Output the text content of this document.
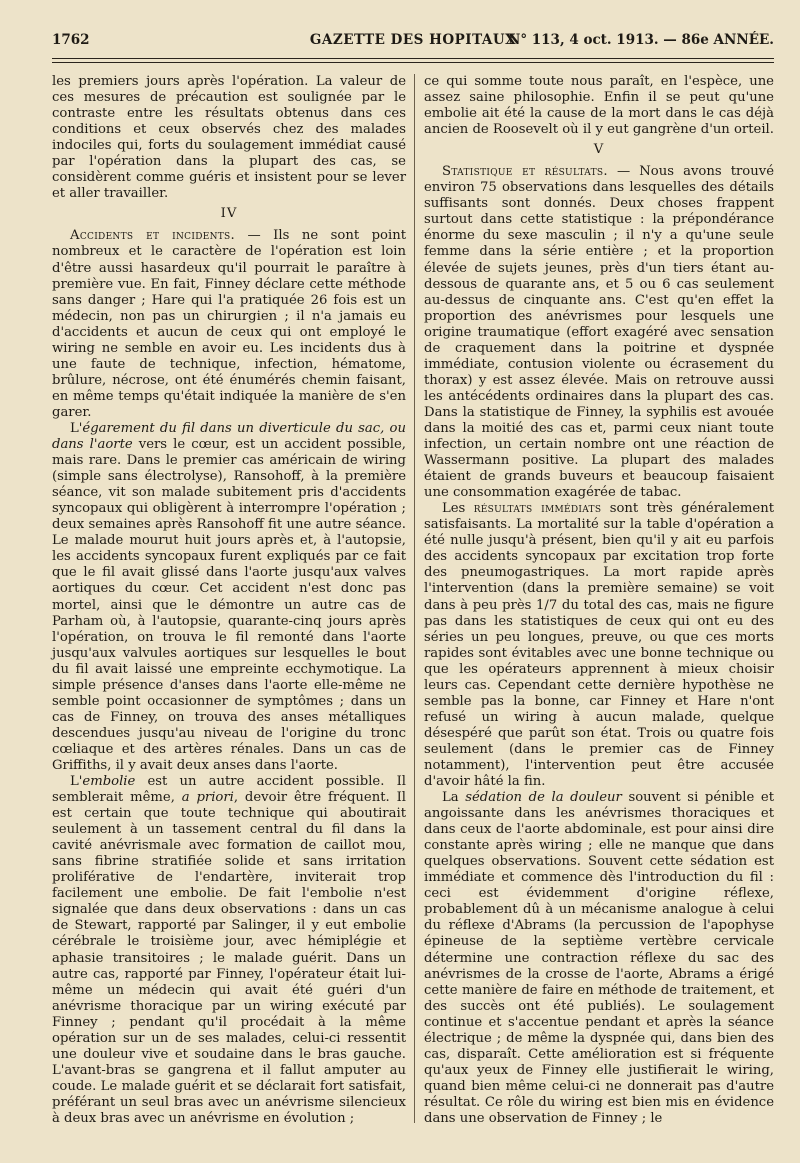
1762	GAZETTE DES HOPITAUX
N° 113, 4 oct. 1913. — 86e ANNÉE.

les premiers jours après l'opération. La valeur de ces mesures de précaution est soulignée par le contraste entre les résultats obtenus dans ces conditions et ceux observés chez des malades indociles qui, forts du soulagement immédiat causé par l'opération dans la plupart des cas, se considèrent comme guéris et insistent pour se lever et aller travailler.

IV

Accidents et incidents. — Ils ne sont point nombreux et le caractère de l'opération est loin d'être aussi hasardeux qu'il pourrait le paraître à première vue. En fait, Finney déclare cette méthode sans danger ; Hare qui l'a pratiquée 26 fois est un médecin, non pas un chirurgien ; il n'a jamais eu d'accidents et aucun de ceux qui ont employé le wiring ne semble en avoir eu. Les incidents dus à une faute de technique, infection, hématome, brûlure, nécrose, ont été énumérés chemin faisant, en même temps qu'était indiquée la manière de s'en garer.

L'égarement du fil dans un diverticule du sac, ou dans l'aorte vers le cœur, est un accident possible, mais rare. Dans le premier cas américain de wiring (simple sans électrolyse), Ransohoff, à la première séance, vit son malade subitement pris d'accidents syncopaux qui obligèrent à interrompre l'opération ; deux semaines après Ransohoff fit une autre séance. Le malade mourut huit jours après et, à l'autopsie, les accidents syncopaux furent expliqués par ce fait que le fil avait glissé dans l'aorte jusqu'aux valves aortiques du cœur. Cet accident n'est donc pas mortel, ainsi que le démontre un autre cas de Parham où, à l'autopsie, quarante-cinq jours après l'opération, on trouva le fil remonté dans l'aorte jusqu'aux valvules aortiques sur lesquelles le bout du fil avait laissé une empreinte ecchymotique. La simple présence d'anses dans l'aorte elle-même ne semble point occasionner de symptômes ; dans un cas de Finney, on trouva des anses métalliques descendues jusqu'au niveau de l'origine du tronc cœliaque et des artères rénales. Dans un cas de Griffiths, il y avait deux anses dans l'aorte.

L'embolie est un autre accident possible. Il semblerait même, a priori, devoir être fréquent. Il est certain que toute technique qui aboutirait seulement à un tassement central du fil dans la cavité anévrismale avec formation de caillot mou, sans fibrine stratifiée solide et sans irritation proliférative de l'endartère, inviterait trop facilement une embolie. De fait l'embolie n'est signalée que dans deux observations : dans un cas de Stewart, rapporté par Salinger, il y eut embolie cérébrale le troisième jour, avec hémiplégie et aphasie transitoires ; le malade guérit. Dans un autre cas, rapporté par Finney, l'opérateur était lui-même un médecin qui avait été guéri d'un anévrisme thoracique par un wiring exécuté par Finney ; pendant qu'il procédait à la même opération sur un de ses malades, celui-ci ressentit une douleur vive et soudaine dans le bras gauche. L'avant-bras se gangrena et il fallut amputer au coude. Le malade guérit et se déclarait fort satisfait, préférant un seul bras avec un anévrisme silencieux à deux bras avec un anévrisme en évolution ;

ce qui somme toute nous paraît, en l'espèce, une assez saine philosophie. Enfin il se peut qu'une embolie ait été la cause de la mort dans le cas déjà ancien de Roosevelt où il y eut gangrène d'un orteil.

V

Statistique et résultats. — Nous avons trouvé environ 75 observations dans lesquelles des détails suffisants sont donnés. Deux choses frappent surtout dans cette statistique : la prépondérance énorme du sexe masculin ; il n'y a qu'une seule femme dans la série entière ; et la proportion élevée de sujets jeunes, près d'un tiers étant au-dessous de quarante ans, et 5 ou 6 cas seulement au-dessus de cinquante ans. C'est qu'en effet la proportion des anévrismes pour lesquels une origine traumatique (effort exagéré avec sensation de craquement dans la poitrine et dyspnée immédiate, contusion violente ou écrasement du thorax) y est assez élevée. Mais on retrouve aussi les antécédents ordinaires dans la plupart des cas. Dans la statistique de Finney, la syphilis est avouée dans la moitié des cas et, parmi ceux niant toute infection, un certain nombre ont une réaction de Wassermann positive. La plupart des malades étaient de grands buveurs et beaucoup faisaient une consommation exagérée de tabac.

Les résultats immédiats sont très généralement satisfaisants. La mortalité sur la table d'opération a été nulle jusqu'à présent, bien qu'il y ait eu parfois des accidents syncopaux par excitation trop forte des pneumogastriques. La mort rapide après l'intervention (dans la première semaine) se voit dans à peu près 1/7 du total des cas, mais ne figure pas dans les statistiques de ceux qui ont eu des séries un peu longues, preuve, ou que ces morts rapides sont évitables avec une bonne technique ou que les opérateurs apprennent à mieux choisir leurs cas. Cependant cette dernière hypothèse ne semble pas la bonne, car Finney et Hare n'ont refusé un wiring à aucun malade, quelque désespéré que parût son état. Trois ou quatre fois seulement (dans le premier cas de Finney notamment), l'intervention peut être accusée d'avoir hâté la fin.

La sédation de la douleur souvent si pénible et angoissante dans les anévrismes thoraciques et dans ceux de l'aorte abdominale, est pour ainsi dire constante après wiring ; elle ne manque que dans quelques observations. Souvent cette sédation est immédiate et commence dès l'introduction du fil : ceci est évidemment d'origine réflexe, probablement dû à un mécanisme analogue à celui du réflexe d'Abrams (la percussion de l'apophyse épineuse de la septième vertèbre cervicale détermine une contraction réflexe du sac des anévrismes de la crosse de l'aorte, Abrams a érigé cette manière de faire en méthode de traitement, et des succès ont été publiés). Le soulagement continue et s'accentue pendant et après la séance électrique ; de même la dyspnée qui, dans bien des cas, disparaît. Cette amélioration est si fréquente qu'aux yeux de Finney elle justifierait le wiring, quand bien même celui-ci ne donnerait pas d'autre résultat. Ce rôle du wiring est bien mis en évidence dans une observation de Finney ; le
